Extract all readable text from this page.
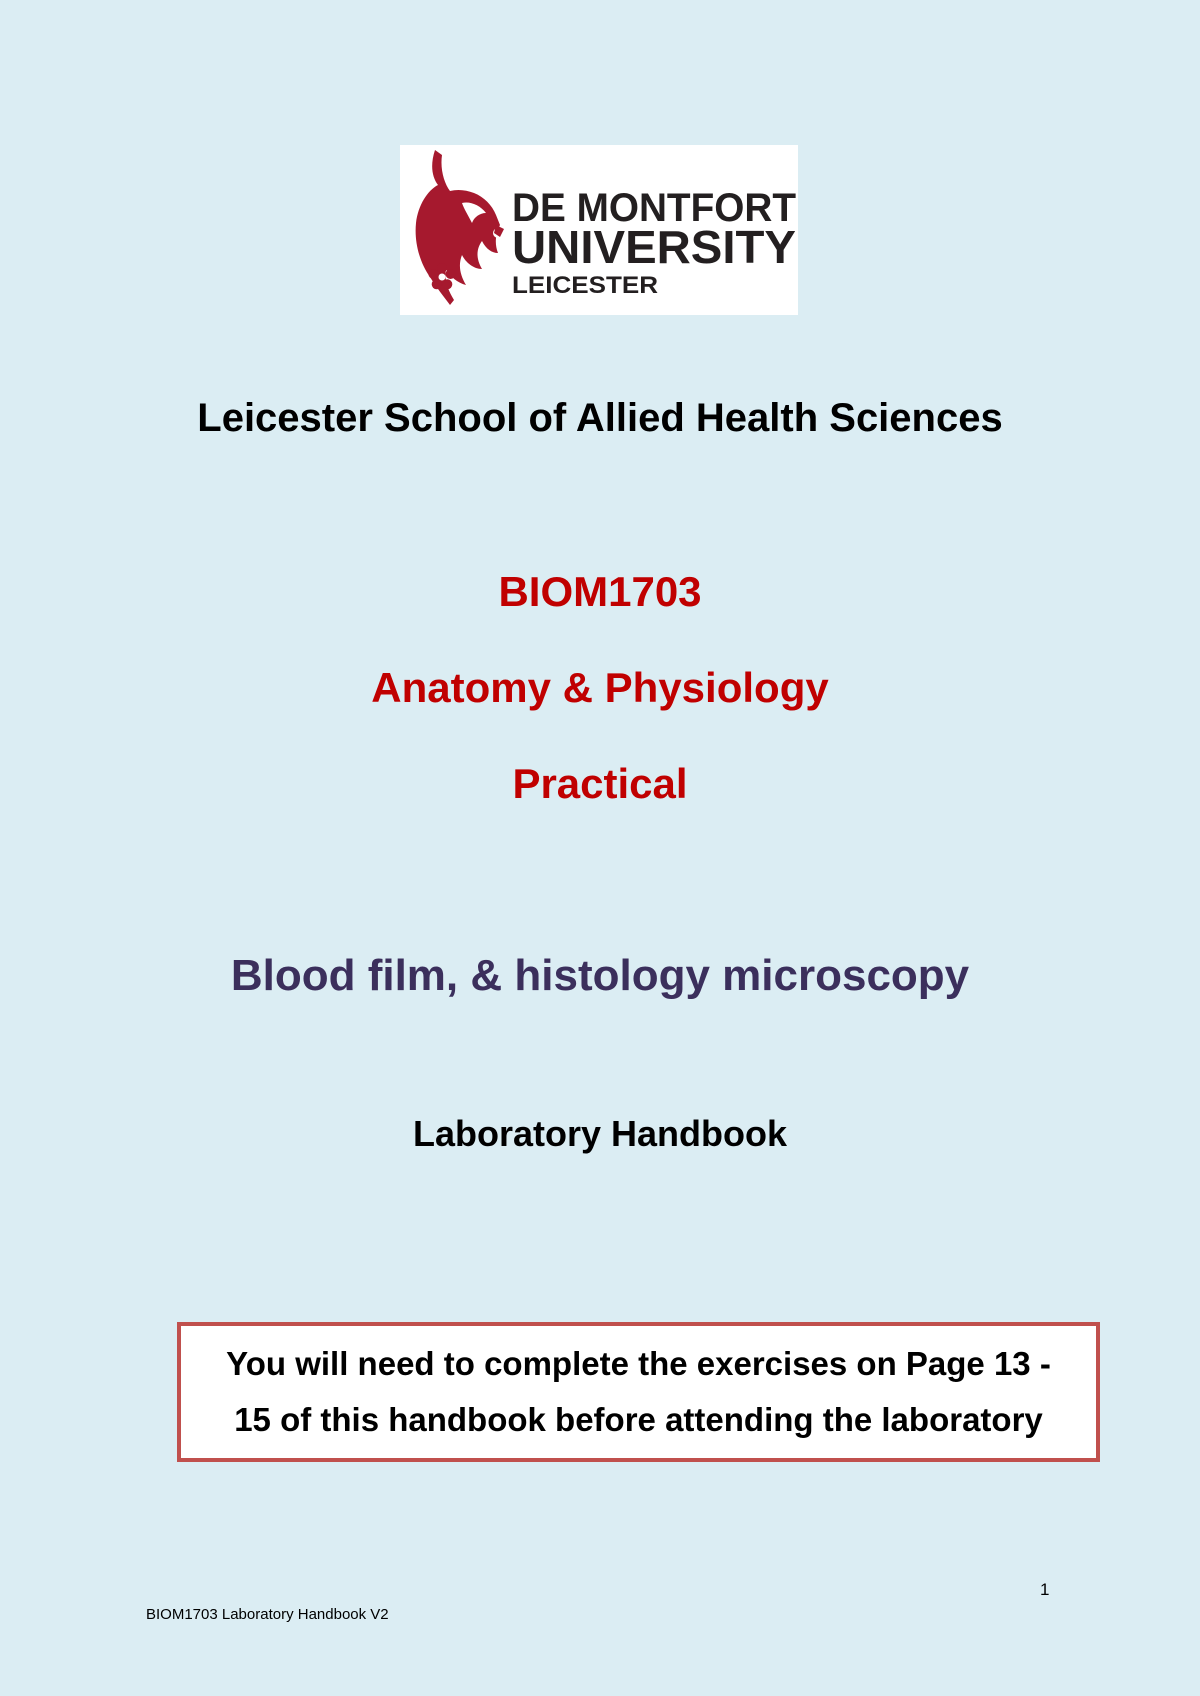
DE MONTFORT
UNIVERSITY
LEICESTER
Leicester School of Allied Health Sciences
BIOM1703
Anatomy & Physiology
Practical
Blood film, & histology microscopy
Laboratory Handbook
You will need to complete the exercises on Page 13 -
15 of this handbook before attending the laboratory
1
BIOM1703 Laboratory Handbook V2
